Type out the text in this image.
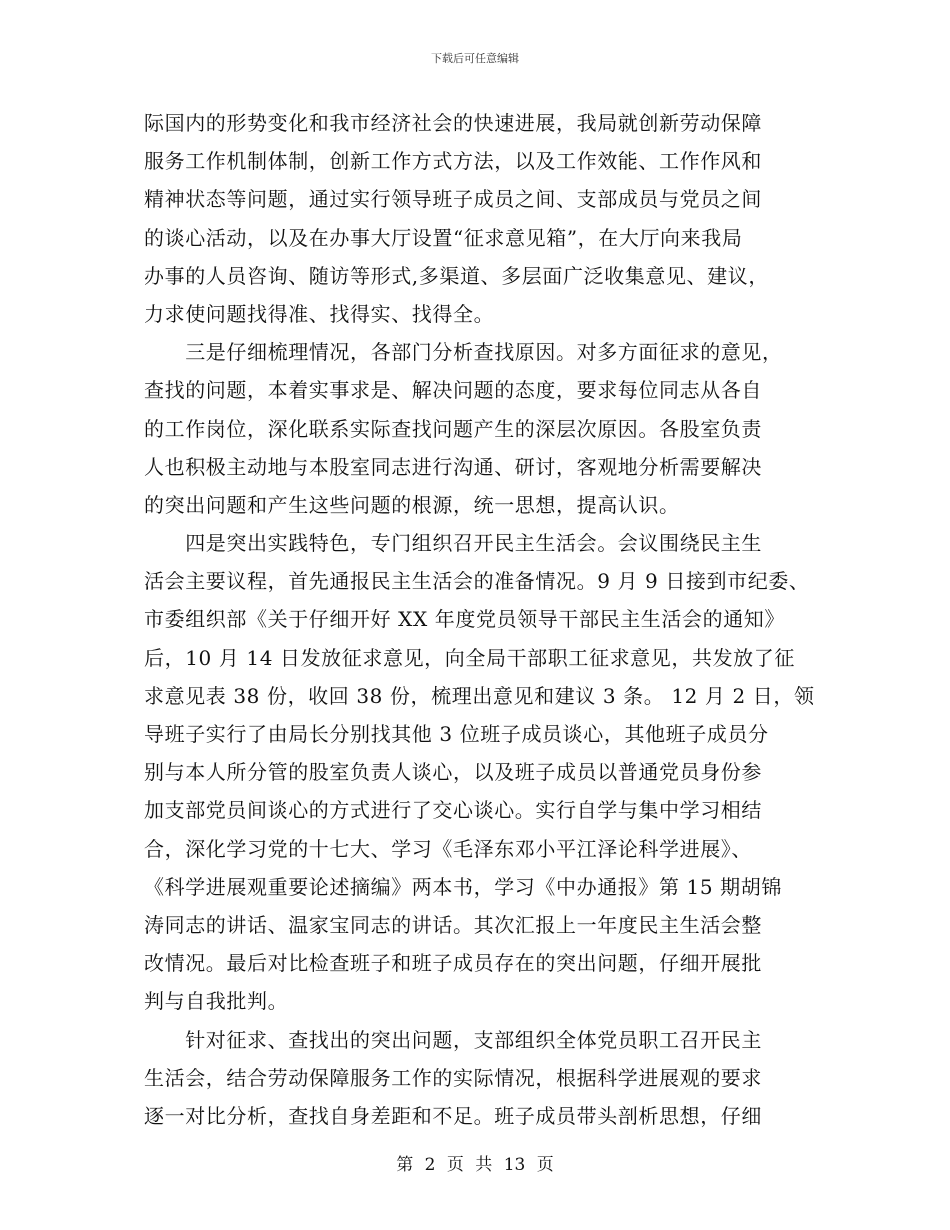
下载后可任意编辑
际国内的形势变化和我市经济社会的快速进展，我局就创新劳动保障
服务工作机制体制，创新工作方式方法，以及工作效能、工作作风和
精神状态等问题，通过实行领导班子成员之间、支部成员与党员之间
的谈心活动，以及在办事大厅设置“征求意见箱”，在大厅向来我局
办事的人员咨询、随访等形式,多渠道、多层面广泛收集意见、建议，
力求使问题找得准、找得实、找得全。
　　三是仔细梳理情况，各部门分析查找原因。对多方面征求的意见，
查找的问题，本着实事求是、解决问题的态度，要求每位同志从各自
的工作岗位，深化联系实际查找问题产生的深层次原因。各股室负责
人也积极主动地与本股室同志进行沟通、研讨，客观地分析需要解决
的突出问题和产生这些问题的根源，统一思想，提高认识。
　　四是突出实践特色，专门组织召开民主生活会。会议围绕民主生
活会主要议程，首先通报民主生活会的准备情况。9 月 9 日接到市纪委、
市委组织部《关于仔细开好 XX 年度党员领导干部民主生活会的通知》
后，10 月 14 日发放征求意见，向全局干部职工征求意见，共发放了征
求意见表 38 份，收回 38 份，梳理出意见和建议 3 条。 12 月 2 日，领
导班子实行了由局长分别找其他 3 位班子成员谈心，其他班子成员分
别与本人所分管的股室负责人谈心，以及班子成员以普通党员身份参
加支部党员间谈心的方式进行了交心谈心。实行自学与集中学习相结
合，深化学习党的十七大、学习《毛泽东邓小平江泽论科学进展》、
《科学进展观重要论述摘编》两本书，学习《中办通报》第 15 期胡锦
涛同志的讲话、温家宝同志的讲话。其次汇报上一年度民主生活会整
改情况。最后对比检查班子和班子成员存在的突出问题，仔细开展批
判与自我批判。
　　针对征求、查找出的突出问题，支部组织全体党员职工召开民主
生活会，结合劳动保障服务工作的实际情况，根据科学进展观的要求
逐一对比分析，查找自身差距和不足。班子成员带头剖析思想，仔细
第 2 页 共 13 页
